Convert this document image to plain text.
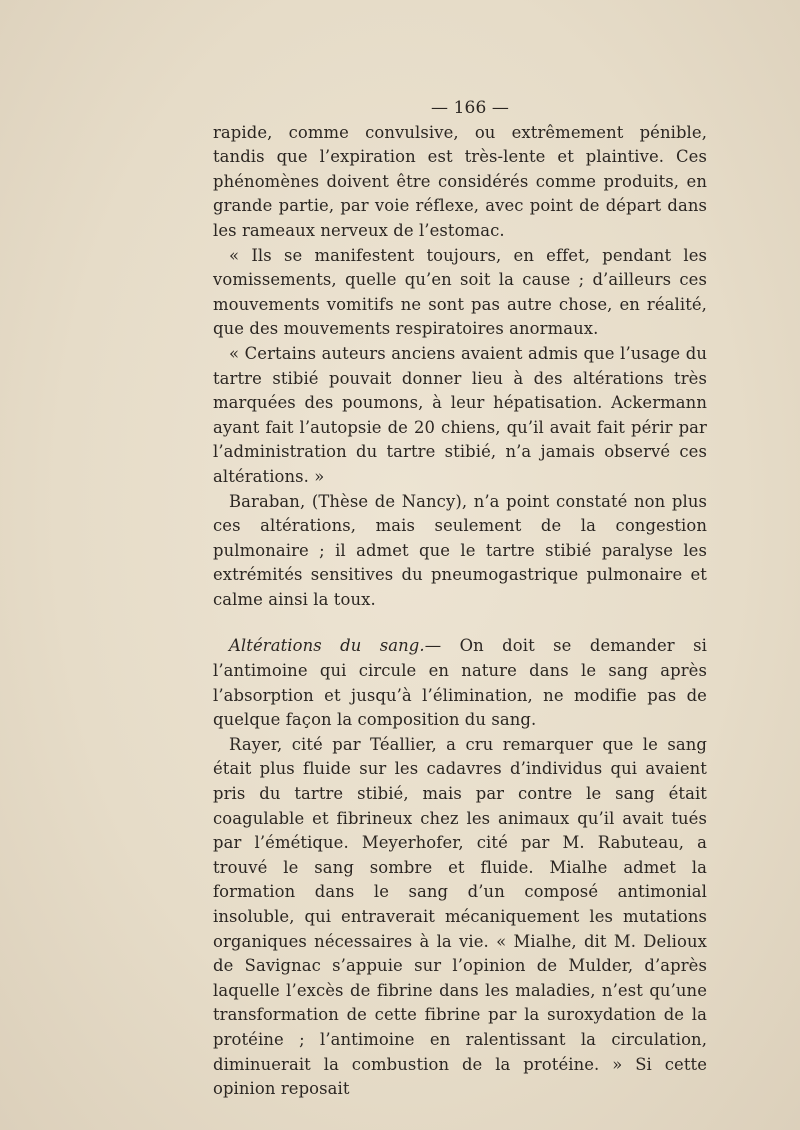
— 166 —

rapide, comme convulsive, ou extrêmement pénible, tandis que l’expiration est très-lente et plaintive. Ces phénomènes doivent être considérés comme produits, en grande partie, par voie réflexe, avec point de départ dans les rameaux nerveux de l’estomac.

« Ils se manifestent toujours, en effet, pendant les vomissements, quelle qu’en soit la cause ; d’ailleurs ces mouvements vomitifs ne sont pas autre chose, en réalité, que des mouvements respiratoires anormaux.

« Certains auteurs anciens avaient admis que l’usage du tartre stibié pouvait donner lieu à des altérations très marquées des poumons, à leur hépatisation. Ackermann ayant fait l’autopsie de 20 chiens, qu’il avait fait périr par l’administration du tartre stibié, n’a jamais observé ces altérations. »

Baraban, (Thèse de Nancy), n’a point constaté non plus ces altérations, mais seulement de la congestion pulmonaire ; il admet que le tartre stibié paralyse les extrémités sensitives du pneumogastrique pulmonaire et calme ainsi la toux.

Altérations du sang.— On doit se demander si l’antimoine qui circule en nature dans le sang après l’absorption et jusqu’à l’élimination, ne modifie pas de quelque façon la composition du sang.

Rayer, cité par Téallier, a cru remarquer que le sang était plus fluide sur les cadavres d’individus qui avaient pris du tartre stibié, mais par contre le sang était coagulable et fibrineux chez les animaux qu’il avait tués par l’émétique. Meyerhofer, cité par M. Rabuteau, a trouvé le sang sombre et fluide. Mialhe admet la formation dans le sang d’un composé antimonial insoluble, qui entraverait mécaniquement les mutations organiques nécessaires à la vie. « Mialhe, dit M. Delioux de Savignac s’appuie sur l’opinion de Mulder, d’après laquelle l’excès de fibrine dans les maladies, n’est qu’une transformation de cette fibrine par la suroxydation de la protéine ; l’antimoine en ralentissant la circulation, diminuerait la combustion de la protéine. » Si cette opinion reposait
